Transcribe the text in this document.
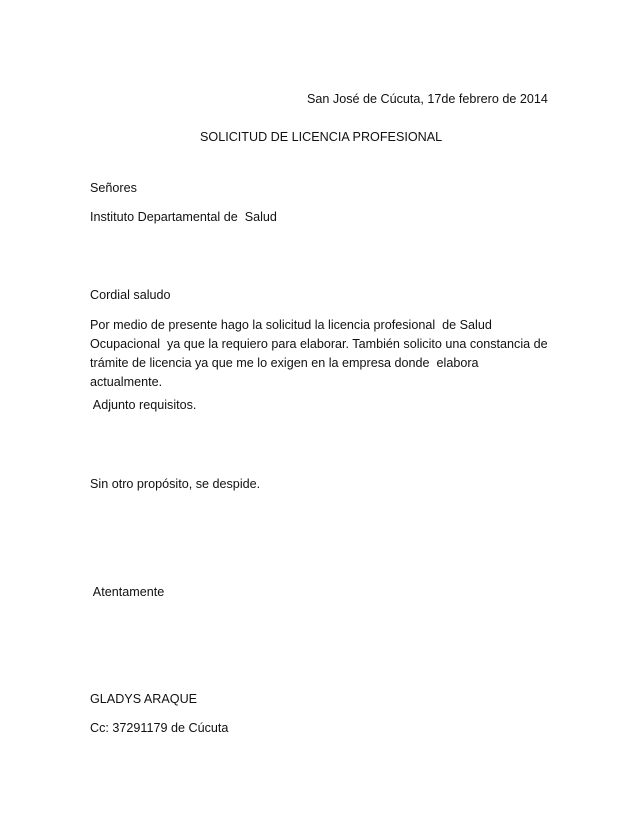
San José de Cúcuta, 17de febrero de 2014
SOLICITUD DE LICENCIA PROFESIONAL
Señores
Instituto Departamental de  Salud
Cordial saludo
Por medio de presente hago la solicitud la licencia profesional  de Salud
Ocupacional  ya que la requiero para elaborar. También solicito una constancia de
trámite de licencia ya que me lo exigen en la empresa donde  elabora
actualmente.
Adjunto requisitos.
Sin otro propósito, se despide.
Atentamente
GLADYS ARAQUE
Cc: 37291179 de Cúcuta
